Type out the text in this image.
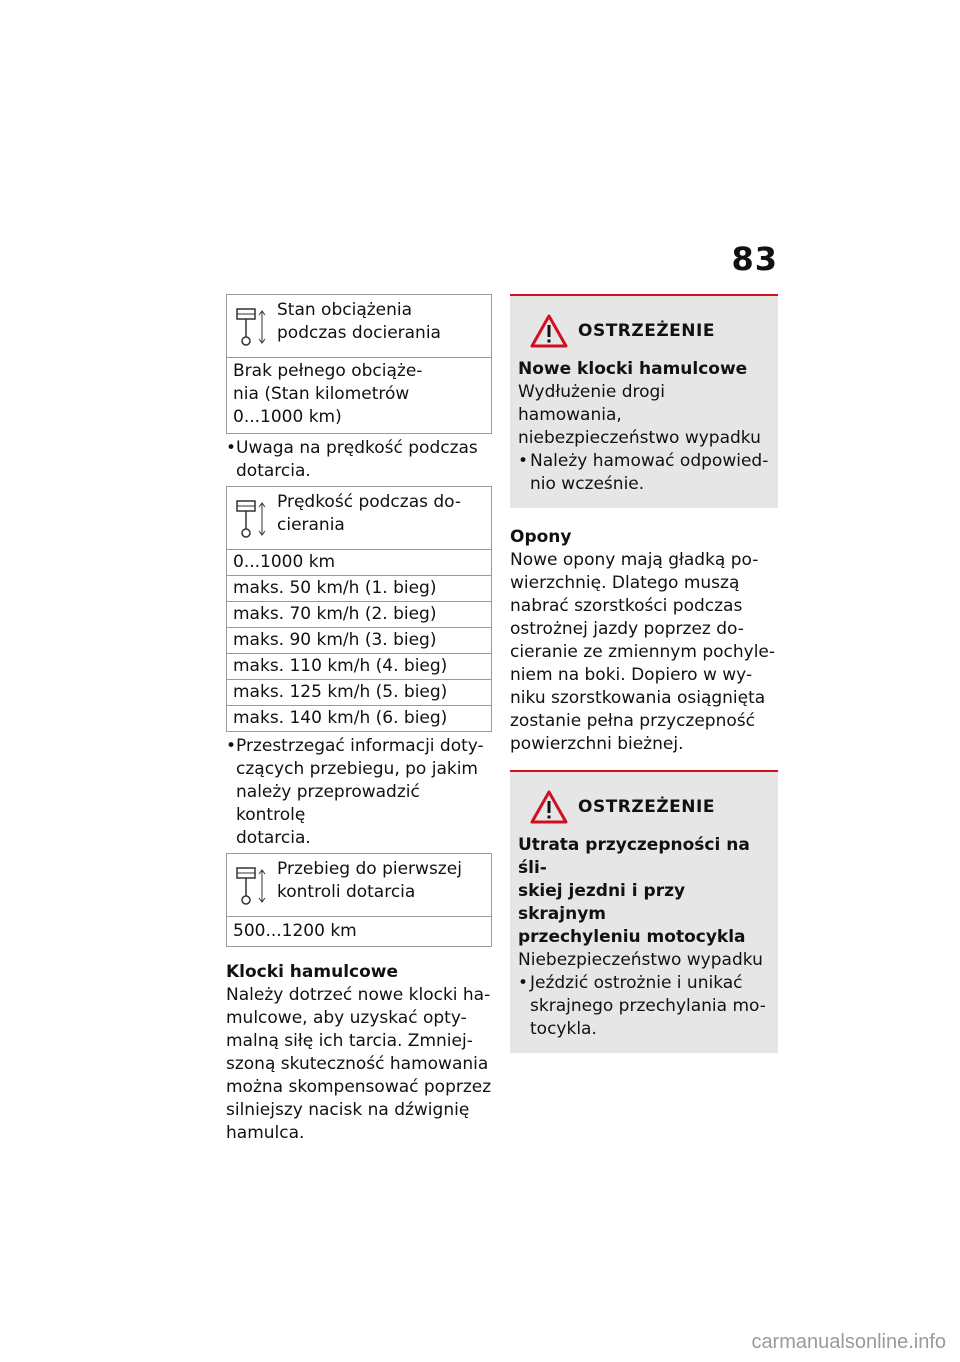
83
Stan obciążenia podczas docierania
Brak pełnego obciąże-
nia (Stan kilometrów
0...1000 km)
• Uwaga na prędkość podczas dotarcia.
Prędkość podczas do-
cierania
0...1000 km
maks. 50 km/h (1. bieg)
maks. 70 km/h (2. bieg)
maks. 90 km/h (3. bieg)
maks. 110 km/h (4. bieg)
maks. 125 km/h (5. bieg)
maks. 140 km/h (6. bieg)
• Przestrzegać informacji doty-
czących przebiegu, po jakim
należy przeprowadzić kontrolę
dotarcia.
Przebieg do pierwszej
kontroli dotarcia
500...1200 km
Klocki hamulcowe
Należy dotrzeć nowe klocki ha-
mulcowe, aby uzyskać opty-
malną siłę ich tarcia. Zmniej-
szoną skuteczność hamowania
można skompensować poprzez
silniejszy nacisk na dźwignię
hamulca.
OSTRZEŻENIE
Nowe klocki hamulcowe
Wydłużenie drogi hamowania,
niebezpieczeństwo wypadku
• Należy hamować odpowied-
nio wcześnie.
Opony
Nowe opony mają gładką po-
wierzchnię. Dlatego muszą
nabrać szorstkości podczas
ostrożnej jazdy poprzez do-
cieranie ze zmiennym pochyle-
niem na boki. Dopiero w wy-
niku szorstkowania osiągnięta
zostanie pełna przyczepność
powierzchni bieżnej.
OSTRZEŻENIE
Utrata przyczepności na śli-
skiej jezdni i przy skrajnym
przechyleniu motocykla
Niebezpieczeństwo wypadku
• Jeździć ostrożnie i unikać
skrajnego przechylania mo-
tocykla.
carmanualsonline.info
